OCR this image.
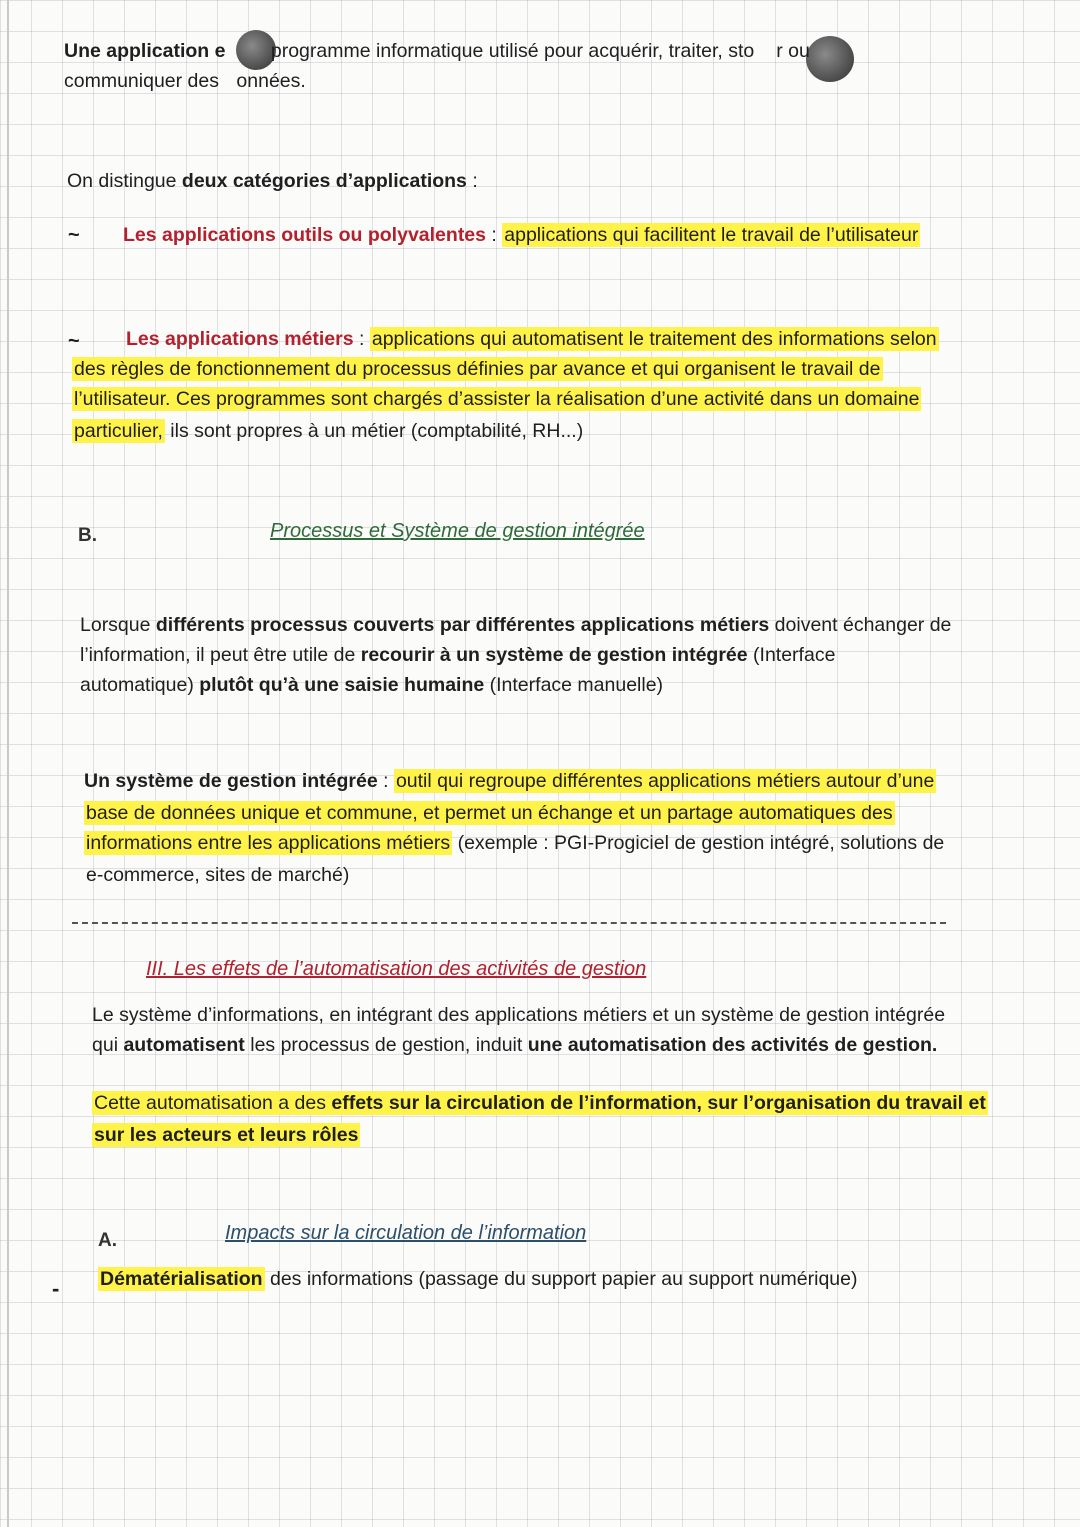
Une application e programme informatique utilisé pour acquérir, traiter, sto r ou
communiquer des onnées.
On distingue deux catégories d’applications :
~ Les applications outils ou polyvalentes : applications qui facilitent le travail de l’utilisateur
~ Les applications métiers : applications qui automatisent le traitement des informations selon
des règles de fonctionnement du processus définies par avance et qui organisent le travail de
l’utilisateur. Ces programmes sont chargés d’assister la réalisation d’une activité dans un domaine
particulier, ils sont propres à un métier (comptabilité, RH...)
B.	Processus et Système de gestion intégrée
Lorsque différents processus couverts par différentes applications métiers doivent échanger de
l’information, il peut être utile de recourir à un système de gestion intégrée (Interface
automatique) plutôt qu’à une saisie humaine (Interface manuelle)
Un système de gestion intégrée : outil qui regroupe différentes applications métiers autour d’une
base de données unique et commune, et permet un échange et un partage automatiques des
informations entre les applications métiers (exemple : PGI-Progiciel de gestion intégré, solutions de
e-commerce, sites de marché)
III. Les effets de l’automatisation des activités de gestion
Le système d’informations, en intégrant des applications métiers et un système de gestion intégrée
qui automatisent les processus de gestion, induit une automatisation des activités de gestion.
Cette automatisation a des effets sur la circulation de l’information, sur l’organisation du travail et
sur les acteurs et leurs rôles
A.	Impacts sur la circulation de l’information
- Dématérialisation des informations (passage du support papier au support numérique)
